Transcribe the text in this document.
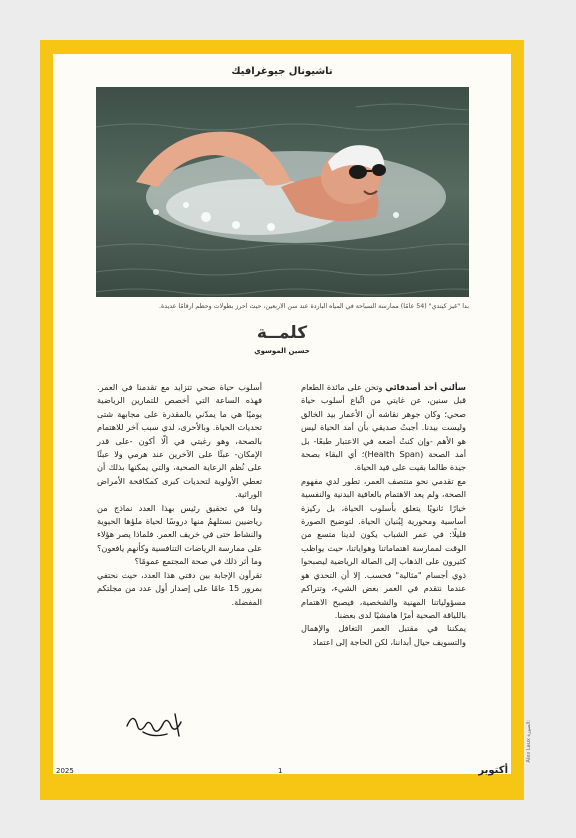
ناشيونال جيوغرافيك
بدأ "غيز كيندي" (54 عامًا) ممارسة السباحة في المياه الباردة عند سن الأربعين، حيث أحرز بطولات وحطم أرقامًا عديدة.
كلمــة
حسين الموسوي

سألني أحد أصدقائي وتحن على مائدة الطعام قبل سنين، عن غايتي من اتِّباع أسلوب حياة صحي؛ وكان جوهر نقاشه أن الأعمار بيد الخالق وليست بيدنا. أجبتُ صديقي بأن أمد الحياة ليس هو الأهم -وإن كنتُ أضعه في الاعتبار طبعًا- بل أمد الصحة (Health Span)؛ أي البقاء بصحة جيدة طالما بقيت على قيد الحياة.

مع تقدمي نحو منتصف العمر، تطور لدي مفهوم الصحة، ولم يعد الاهتمام بالعافية البدنية والنفسية خيارًا ثانويًا يتعلق بأسلوب الحياة، بل ركيزة أساسية ومحورية لِبُنيان الحياة. لتوضيح الصورة قليلًا: في عمر الشباب يكون لدينا متسع من الوقت لممارسة اهتماماتنا وهواياتنا، حيث يواظب كثيرون على الذهاب إلى الصالة الرياضية ليصبحوا ذوي أجسام "مثالية" فحسب. إلا أن التحدي هو عندما نتقدم في العمر بعض الشيء، وتتراكم مسؤولياتنا المهنية والشخصية، فيصبح الاهتمام باللياقة الصحية أمرًا هامشيًا لدى بعضنا.

يمكننا في مقتبل العمر التغافل والإهمال والتسويف حيال أبداننا، لكن الحاجة إلى اعتماد

أسلوب حياة صحي تتزايد مع تقدمنا في العمر. فهذه الساعة التي أخصص للتمارين الرياضية يوميًا هي ما يمدّني بالمقدرة على مجابهة شتى تحديات الحياة. وبالأحرى، لدي سبب آخر للاهتمام بالصحة، وهو رغبتي في ألّا أكون -على قدر الإمكان- عبئًا على الآخرين عند هرمي ولا عبئًا على نُظم الرعاية الصحية، والتي يمكنها بذلك أن تعطي الأولوية لتحديات كبرى كمكافحة الأمراض الوراثية.

ولنا في تحقيق رئيس بهذا العدد نماذج من رياضيين نستلهمُ منها دروسًا لحياة ملؤها الحيوية والنشاط حتى في خريف العمر. فلماذا يصر هؤلاء على ممارسة الرياضات التنافسية وكأنهم يافعون؟ وما أثر ذلك في صحة المجتمع عمومًا؟

تقرأون الإجابة بين دفتي هذا العدد، حيث نحتفي بمرور 15 عامًا على إصدار أول عدد من مجلتكم المفضلة.

Alex Laux الصورة:
أكتوبر
1
2025
